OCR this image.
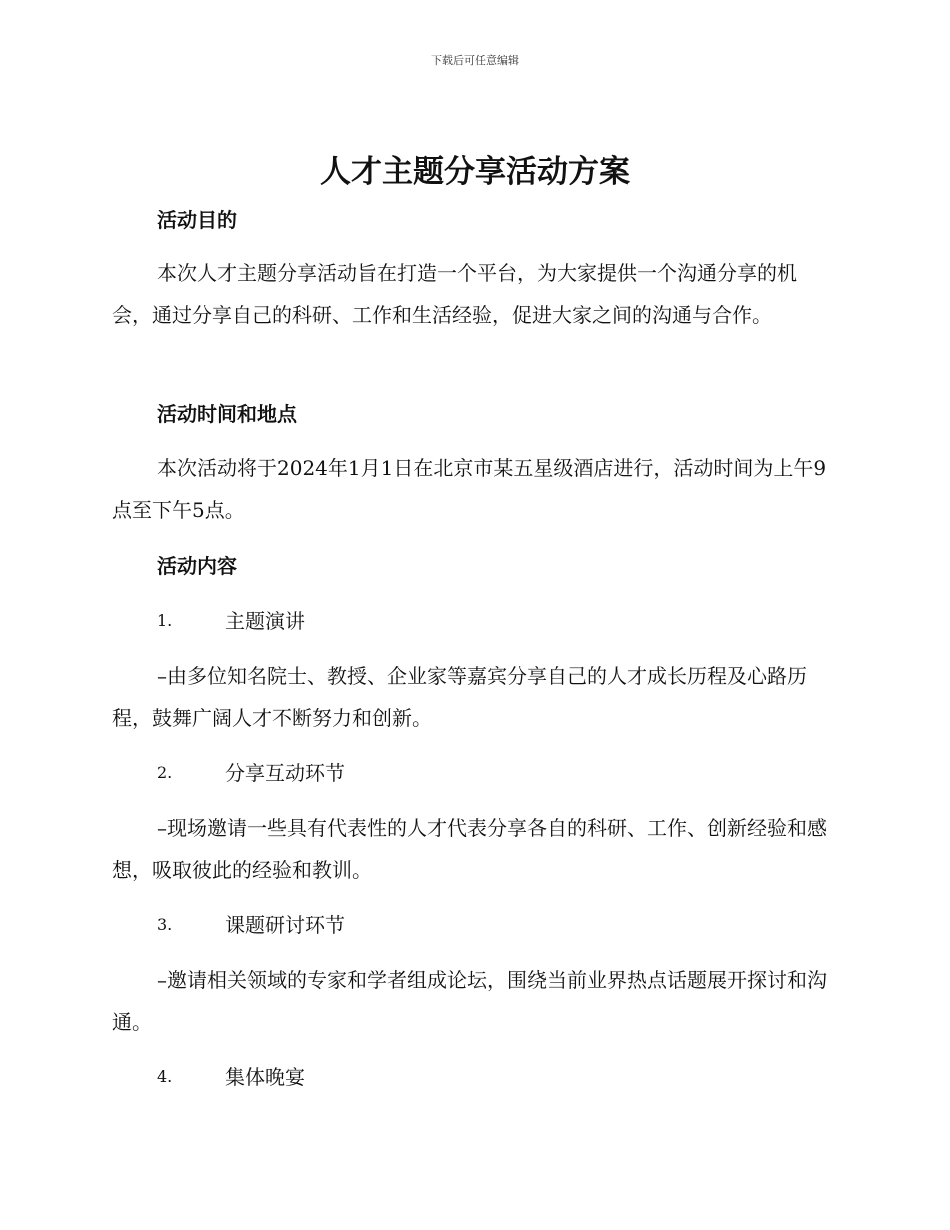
下载后可任意编辑
人才主题分享活动方案
活动目的

本次人才主题分享活动旨在打造一个平台，为大家提供一个沟通分享的机会，通过分享自己的科研、工作和生活经验，促进大家之间的沟通与合作。

活动时间和地点

本次活动将于2024年1月1日在北京市某五星级酒店进行，活动时间为上午9点至下午5点。

活动内容
1.	主题演讲

–由多位知名院士、教授、企业家等嘉宾分享自己的人才成长历程及心路历程，鼓舞广阔人才不断努力和创新。

2.	分享互动环节

–现场邀请一些具有代表性的人才代表分享各自的科研、工作、创新经验和感想，吸取彼此的经验和教训。

3.	课题研讨环节

–邀请相关领域的专家和学者组成论坛，围绕当前业界热点话题展开探讨和沟通。

4.	集体晚宴
